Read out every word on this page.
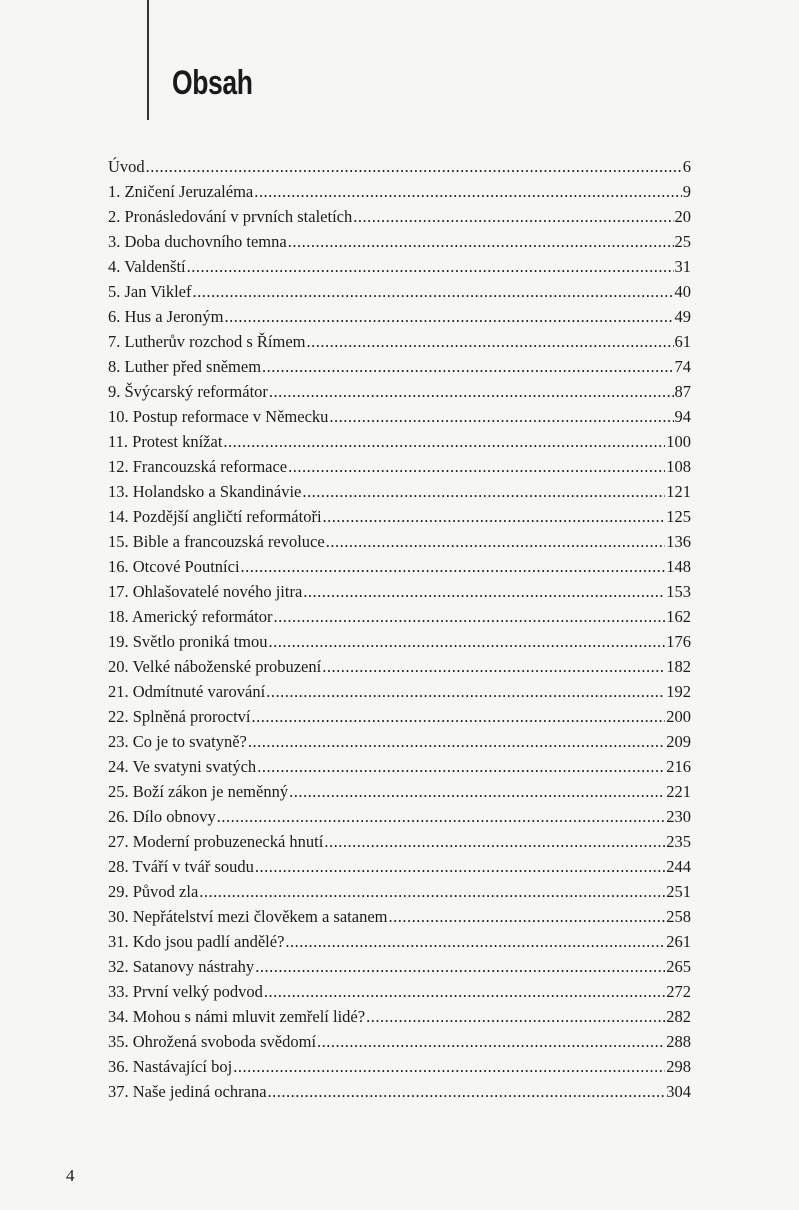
Obsah
Úvod .....	6
1. Zničení Jeruzaléma .....	9
2. Pronásledování v prvních staletích .....	20
3. Doba duchovního temna .....	25
4. Valdenští .....	31
5. Jan Viklef .....	40
6. Hus a Jeroným .....	49
7. Lutherův rozchod s Římem .....	61
8. Luther před sněmem .....	74
9. Švýcarský reformátor .....	87
10. Postup reformace v Německu .....	94
11. Protest knížat .....	100
12. Francouzská reformace .....	108
13. Holandsko a Skandinávie .....	121
14. Pozdější angličtí reformátoři .....	125
15. Bible a francouzská revoluce .....	136
16. Otcové Poutníci .....	148
17. Ohlašovatelé nového jitra .....	153
18. Americký reformátor .....	162
19. Světlo proniká tmou .....	176
20. Velké náboženské probuzení .....	182
21. Odmítnuté varování .....	192
22. Splněná proroctví .....	200
23. Co je to svatyně? .....	209
24. Ve svatyni svatých .....	216
25. Boží zákon je neměnný .....	221
26. Dílo obnovy .....	230
27. Moderní probuzenecká hnutí .....	235
28. Tváří v tvář soudu .....	244
29. Původ zla .....	251
30. Nepřátelství mezi člověkem a satanem .....	258
31. Kdo jsou padlí andělé? .....	261
32. Satanovy nástrahy .....	265
33. První velký podvod .....	272
34. Mohou s námi mluvit zemřelí lidé? .....	282
35. Ohrožená svoboda svědomí .....	288
36. Nastávající boj .....	298
37. Naše jediná ochrana .....	304
4
